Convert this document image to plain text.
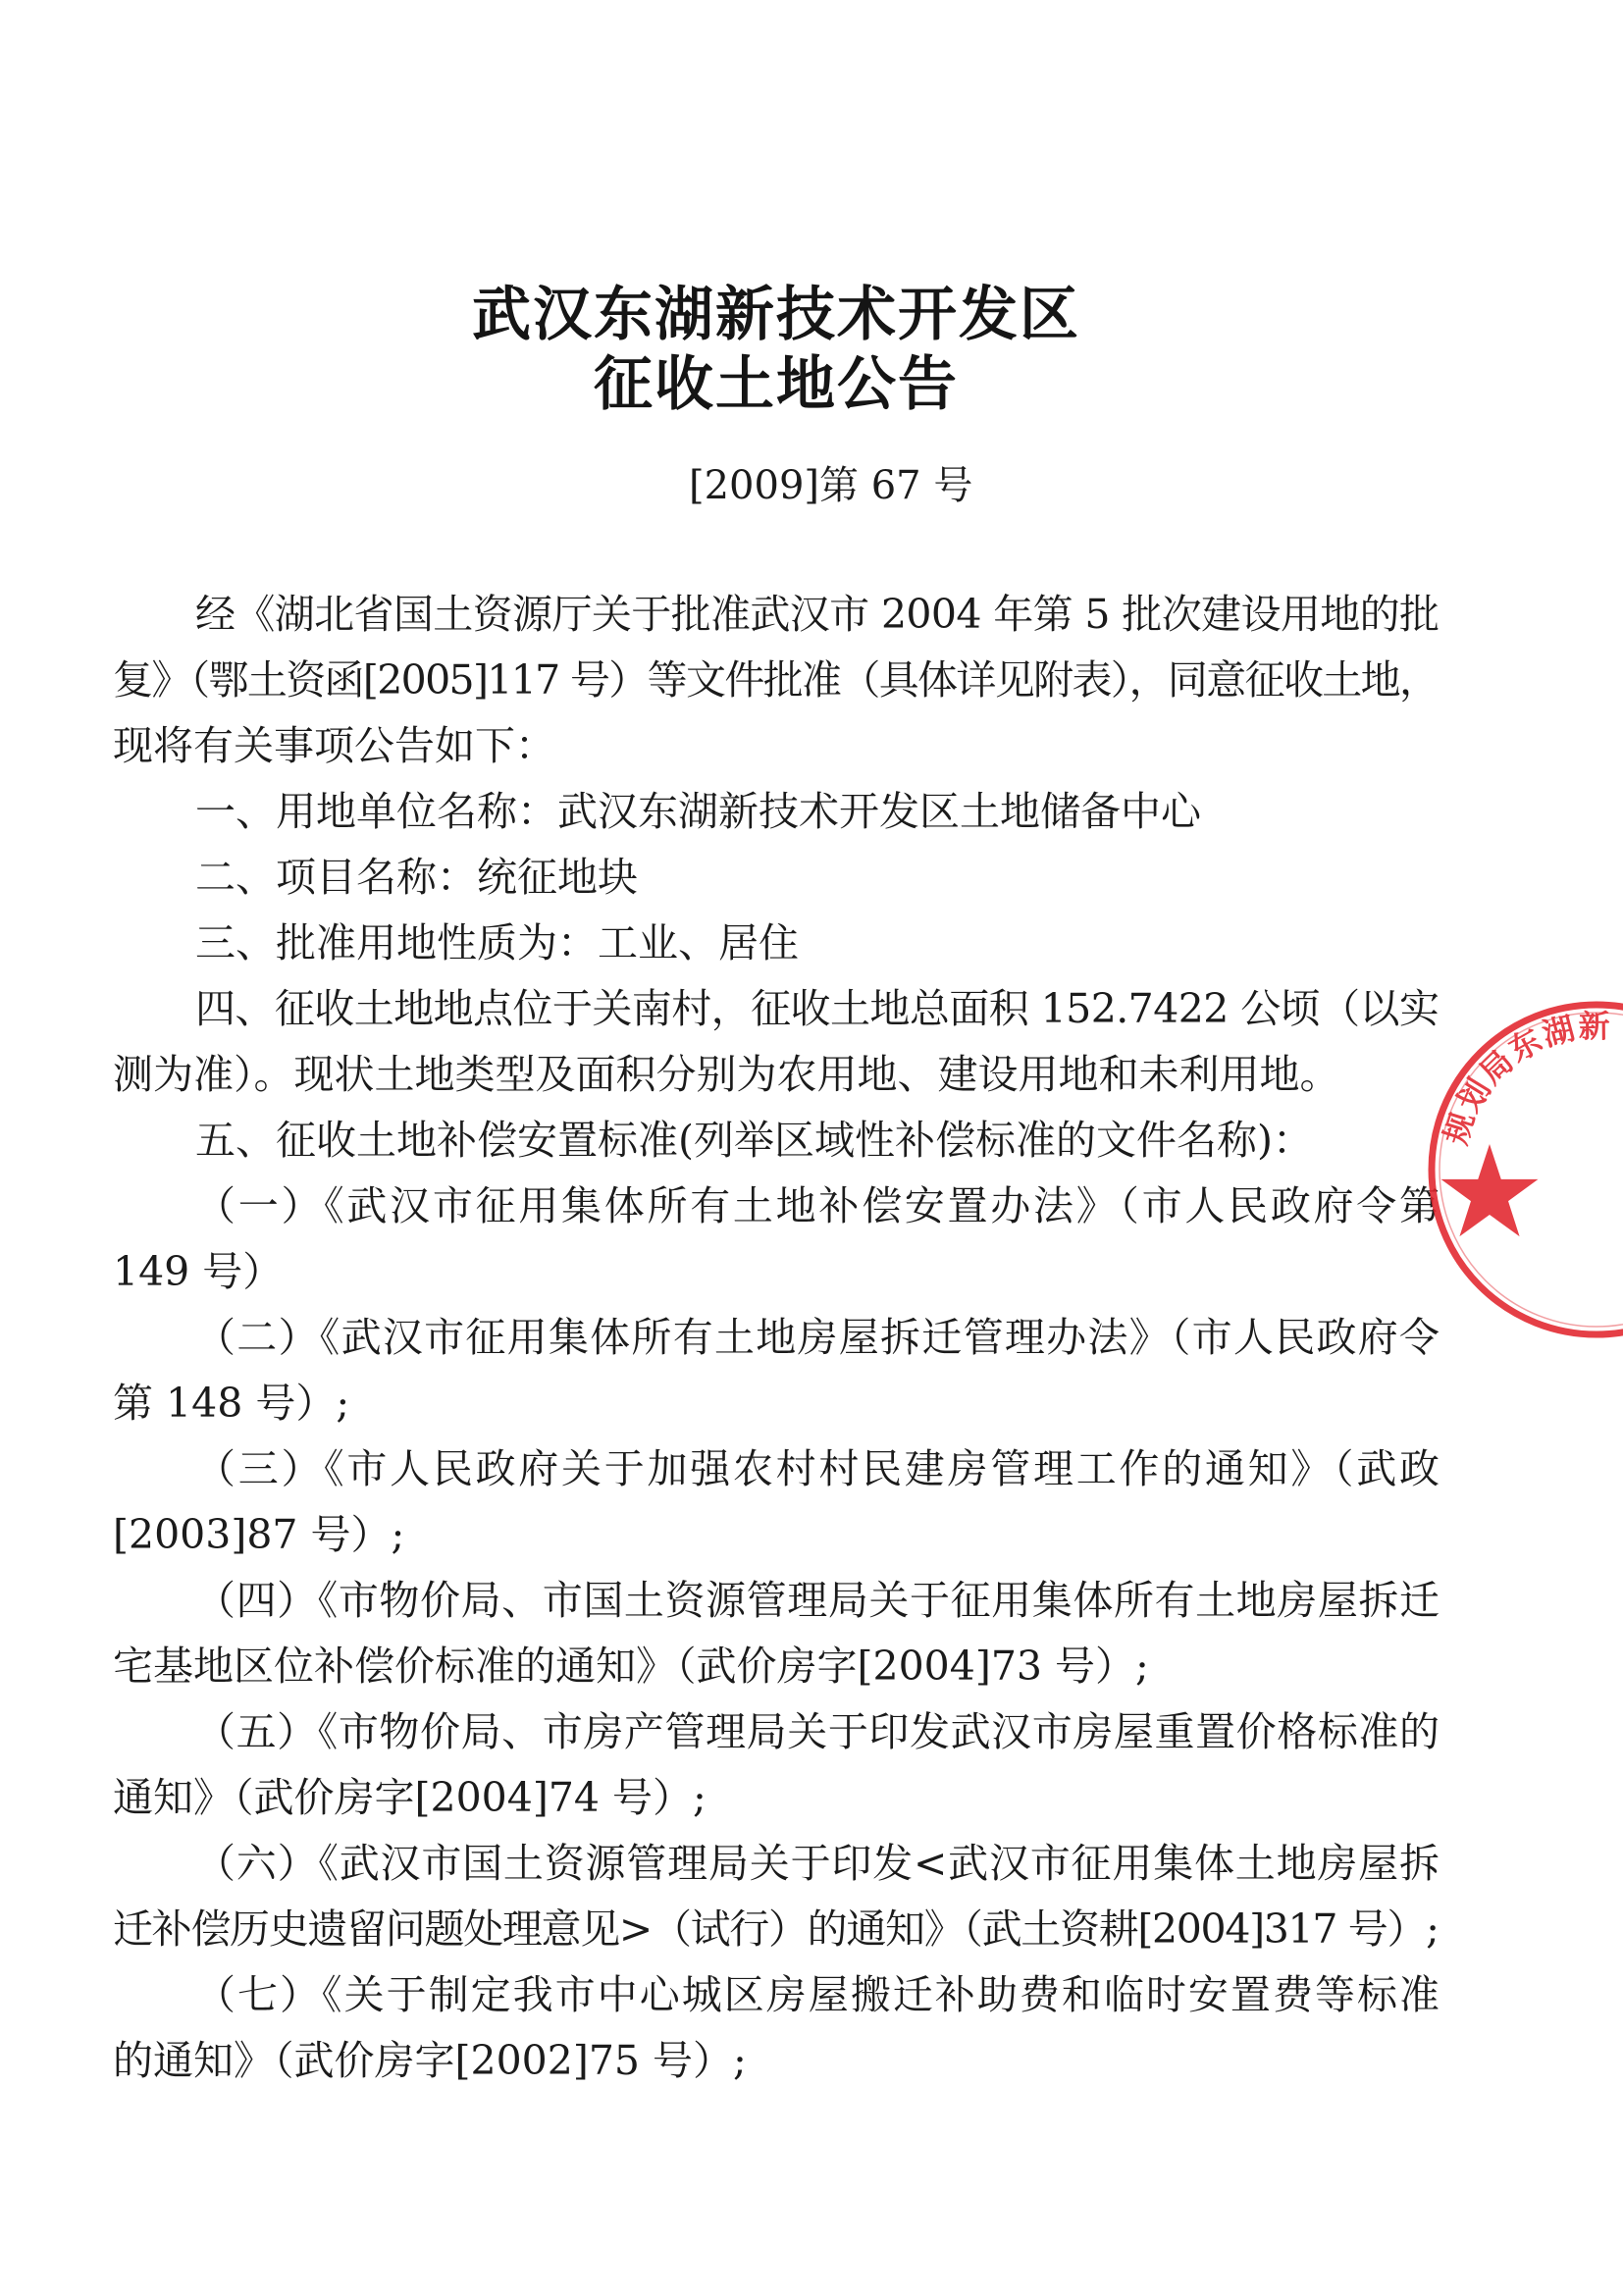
武汉东湖新技术开发区
征收土地公告
[2009]第 67 号
经《湖北省国土资源厅关于批准武汉市 2004 年第 5 批次建设用地的批
复》（鄂土资函[2005]117 号）等文件批准（具体详见附表），同意征收土地，
现将有关事项公告如下：
一、用地单位名称：武汉东湖新技术开发区土地储备中心
二、项目名称：统征地块
三、批准用地性质为：工业、居住
四、征收土地地点位于关南村，征收土地总面积 152.7422 公顷（以实
测为准）。现状土地类型及面积分别为农用地、建设用地和未利用地。
五、征收土地补偿安置标准(列举区域性补偿标准的文件名称)：
（一）《武汉市征用集体所有土地补偿安置办法》（市人民政府令第
149 号）
（二）《武汉市征用集体所有土地房屋拆迁管理办法》（市人民政府令
第 148 号）;
（三）《市人民政府关于加强农村村民建房管理工作的通知》（武政
[2003]87 号）;
（四）《市物价局、市国土资源管理局关于征用集体所有土地房屋拆迁
宅基地区位补偿价标准的通知》（武价房字[2004]73 号）;
（五）《市物价局、市房产管理局关于印发武汉市房屋重置价格标准的
通知》（武价房字[2004]74 号）;
（六）《武汉市国土资源管理局关于印发<武汉市征用集体土地房屋拆
迁补偿历史遗留问题处理意见>（试行）的通知》（武土资耕[2004]317 号）;
（七）《关于制定我市中心城区房屋搬迁补助费和临时安置费等标准
的通知》（武价房字[2002]75 号）;
规划局东湖新
